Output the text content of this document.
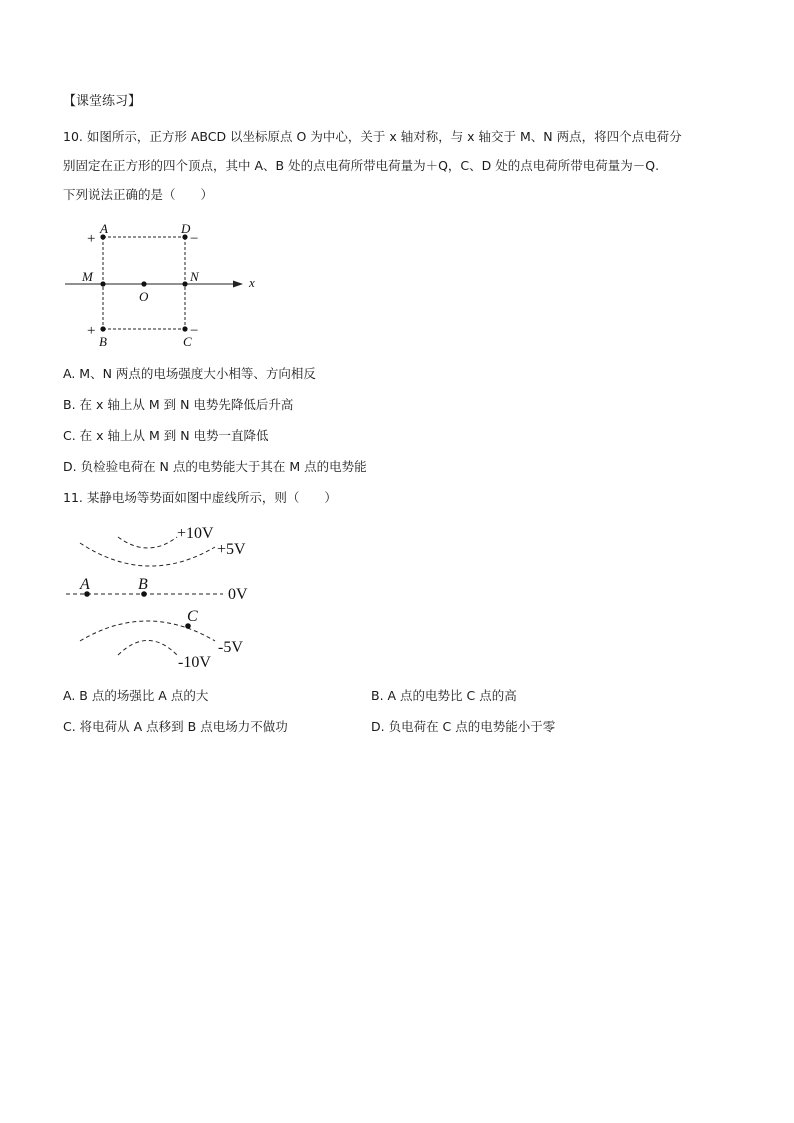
【课堂练习】
10. 如图所示，正方形 ABCD 以坐标原点 O 为中心，关于 x 轴对称，与 x 轴交于 M、N 两点，将四个点电荷分
别固定在正方形的四个顶点，其中 A、B 处的点电荷所带电荷量为＋Q，C、D 处的点电荷所带电荷量为－Q.
下列说法正确的是（　　）
+
+
−
−
A	D
B	C
M	N
O
x
A. M、N 两点的电场强度大小相等、方向相反
B. 在 x 轴上从 M 到 N 电势先降低后升高
C. 在 x 轴上从 M 到 N 电势一直降低
D. 负检验电荷在 N 点的电势能大于其在 M 点的电势能
11. 某静电场等势面如图中虚线所示，则（　　）
+10V
+5V
0V
-5V
-10V
A	B
C
A. B 点的场强比 A 点的大	B. A 点的电势比 C 点的高
C. 将电荷从 A 点移到 B 点电场力不做功	D. 负电荷在 C 点的电势能小于零
